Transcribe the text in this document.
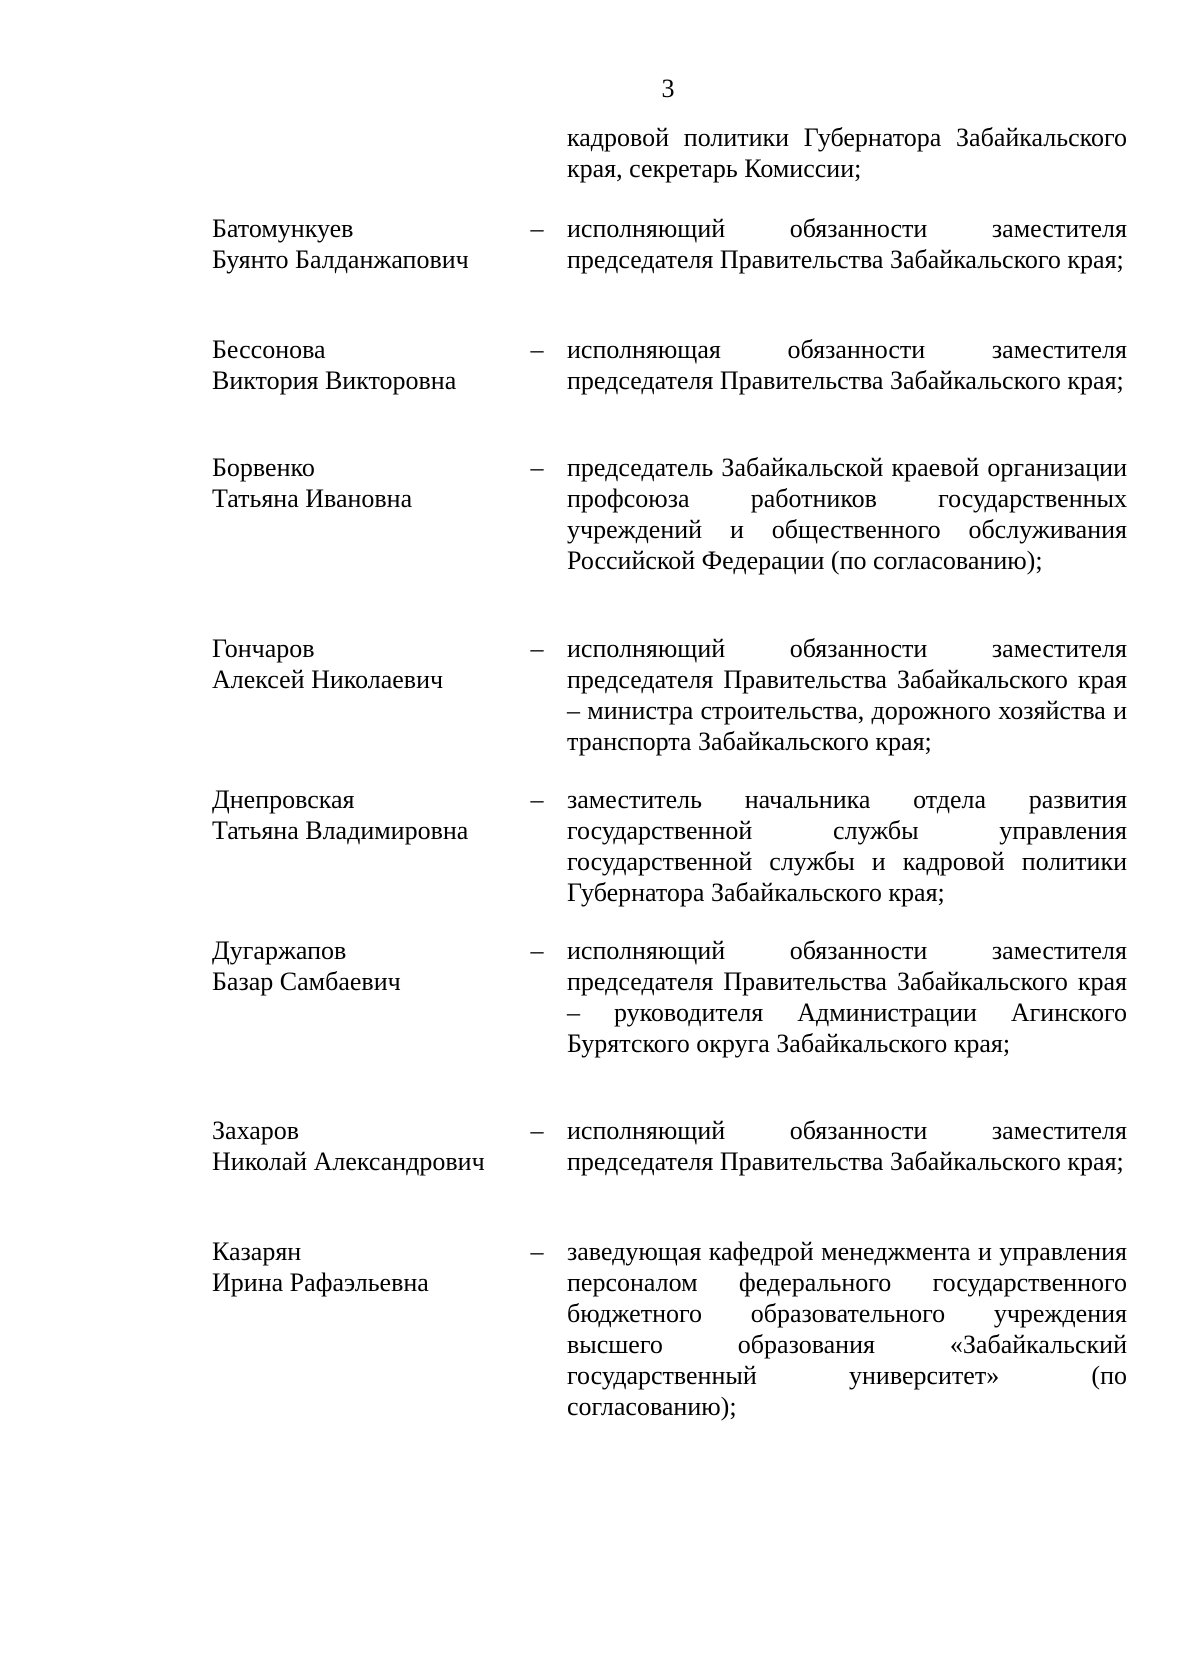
3
кадровой политики Губернатора Забайкальского края, секретарь Комиссии;
Батомункуев
Буянто Балданжапович
– исполняющий обязанности заместителя председателя Правительства Забайкальского края;
Бессонова
Виктория Викторовна
– исполняющая обязанности заместителя председателя Правительства Забайкальского края;
Борвенко
Татьяна Ивановна
– председатель Забайкальской краевой организации профсоюза работников государственных учреждений и общественного обслуживания Российской Федерации (по согласованию);
Гончаров
Алексей Николаевич
– исполняющий обязанности заместителя председателя Правительства Забайкальского края – министра строительства, дорожного хозяйства и транспорта Забайкальского края;
Днепровская
Татьяна Владимировна
– заместитель начальника отдела развития государственной службы управления государственной службы и кадровой политики Губернатора Забайкальского края;
Дугаржапов
Базар Самбаевич
– исполняющий обязанности заместителя председателя Правительства Забайкальского края – руководителя Администрации Агинского Бурятского округа Забайкальского края;
Захаров
Николай Александрович
– исполняющий обязанности заместителя председателя Правительства Забайкальского края;
Казарян
Ирина Рафаэльевна
– заведующая кафедрой менеджмента и управления персоналом федерального государственного бюджетного образовательного учреждения высшего образования «Забайкальский государственный университет» (по согласованию);
